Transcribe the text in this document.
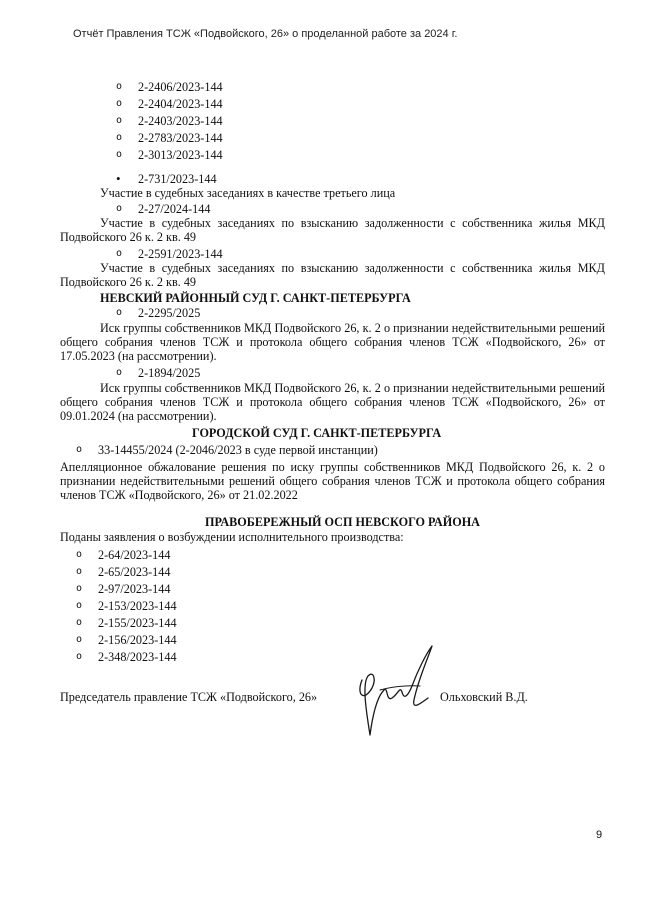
Отчёт Правления ТСЖ «Подвойского, 26» о проделанной работе за 2024 г.
o 2-2406/2023-144
o 2-2404/2023-144
o 2-2403/2023-144
o 2-2783/2023-144
o 2-3013/2023-144
• 2-731/2023-144
Участие в судебных заседаниях в качестве третьего лица
o 2-27/2024-144
Участие в судебных заседаниях по взысканию задолженности с собственника жилья МКД Подвойского 26 к. 2 кв. 49
o 2-2591/2023-144
Участие в судебных заседаниях по взысканию задолженности с собственника жилья МКД Подвойского 26 к. 2 кв. 49
НЕВСКИЙ РАЙОННЫЙ СУД Г. САНКТ-ПЕТЕРБУРГА
o 2-2295/2025
Иск группы собственников МКД Подвойского 26, к. 2 о признании недействительными решений общего собрания членов ТСЖ и протокола общего собрания членов ТСЖ «Подвойского, 26» от 17.05.2023 (на рассмотрении).
o 2-1894/2025
Иск группы собственников МКД Подвойского 26, к. 2 о признании недействительными решений общего собрания членов ТСЖ и протокола общего собрания членов ТСЖ «Подвойского, 26» от 09.01.2024 (на рассмотрении).
ГОРОДСКОЙ СУД Г. САНКТ-ПЕТЕРБУРГА
o 33-14455/2024 (2-2046/2023 в суде первой инстанции)
Апелляционное обжалование решения по иску группы собственников МКД Подвойского 26, к. 2 о признании недействительными решений общего собрания членов ТСЖ и протокола общего собрания членов ТСЖ «Подвойского, 26» от 21.02.2022
ПРАВОБЕРЕЖНЫЙ ОСП НЕВСКОГО РАЙОНА
Поданы заявления о возбуждении исполнительного производства:
o 2-64/2023-144
o 2-65/2023-144
o 2-97/2023-144
o 2-153/2023-144
o 2-155/2023-144
o 2-156/2023-144
o 2-348/2023-144
Председатель правление ТСЖ «Подвойского, 26»	Ольховский В.Д.
9
